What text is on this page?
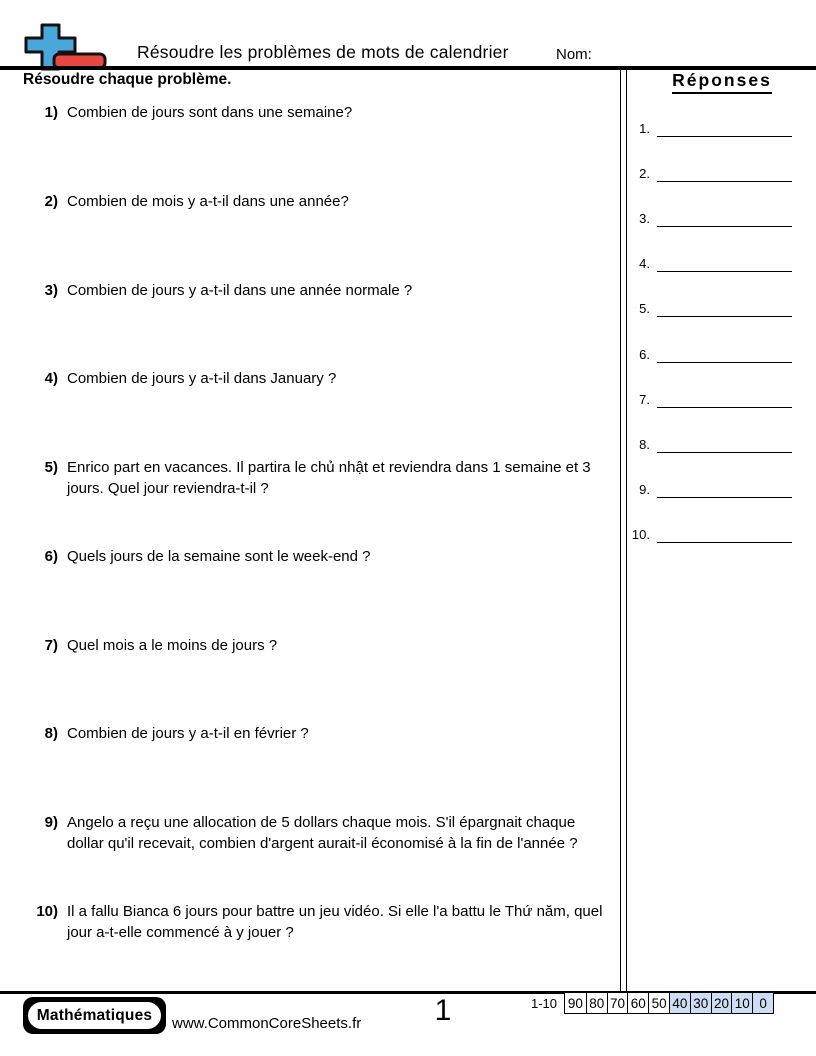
Résoudre les problèmes de mots de calendrier	Nom:
Résoudre chaque problème.	Réponses
1.
2.
3.
4.
5.
6.
7.
8.
9.
10.
1) Combien de jours sont dans une semaine?
2) Combien de mois y a-t-il dans une année?
3) Combien de jours y a-t-il dans une année normale ?
4) Combien de jours y a-t-il dans January ?
5) Enrico part en vacances. Il partira le chủ nhật et reviendra dans 1 semaine et 3 jours. Quel jour reviendra-t-il ?
6) Quels jours de la semaine sont le week-end ?
7) Quel mois a le moins de jours ?
8) Combien de jours y a-t-il en février ?
9) Angelo a reçu une allocation de 5 dollars chaque mois. S'il épargnait chaque dollar qu'il recevait, combien d'argent aurait-il économisé à la fin de l'année ?
10) Il a fallu Bianca 6 jours pour battre un jeu vidéo. Si elle l'a battu le Thứ năm, quel jour a-t-elle commencé à y jouer ?
Mathématiques	www.CommonCoreSheets.fr	1	1-10 90 80 70 60 50 40 30 20 10 0
